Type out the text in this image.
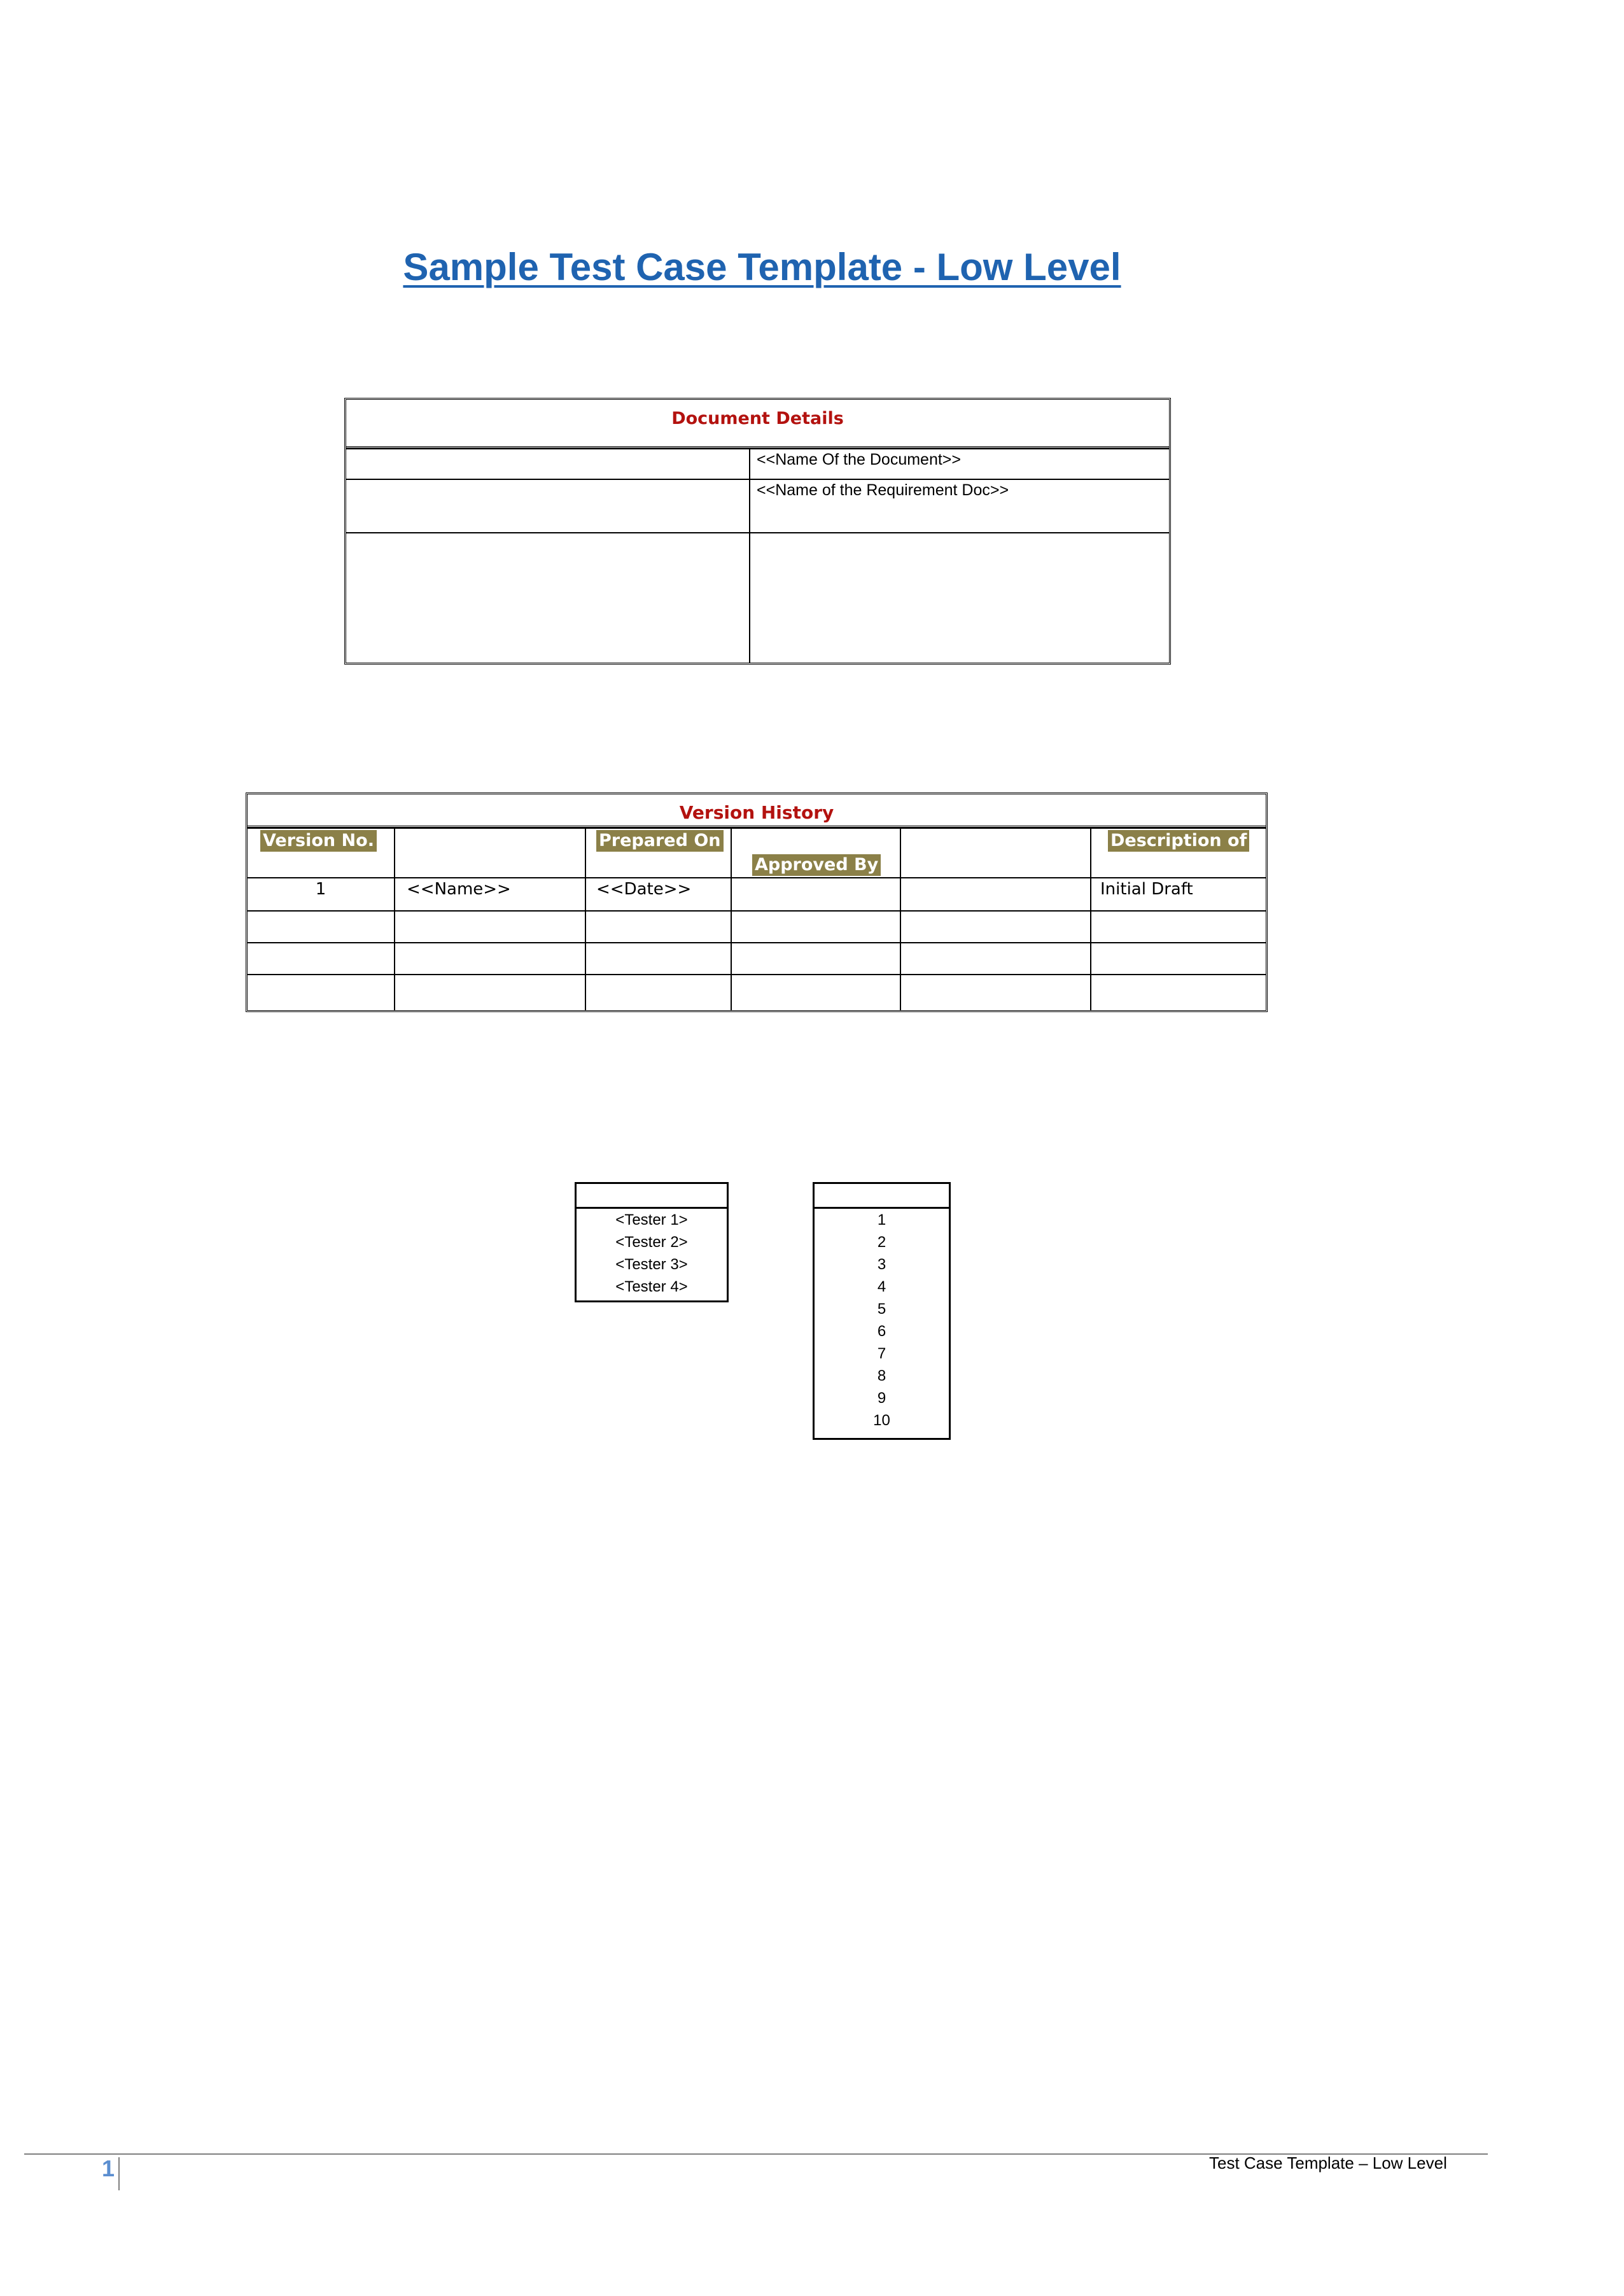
Sample Test Case Template - Low Level
Document Details
	<<Name Of the Document>>
	<<Name of the Requirement Doc>>

Version History
Version No.		Prepared On	Approved By		Description of
1	<<Name>>	<<Date>>			Initial Draft

<Tester 1>
<Tester 2>
<Tester 3>
<Tester 4>
1
2
3
4
5
6
7
8
9
10
1	Test Case Template – Low Level
